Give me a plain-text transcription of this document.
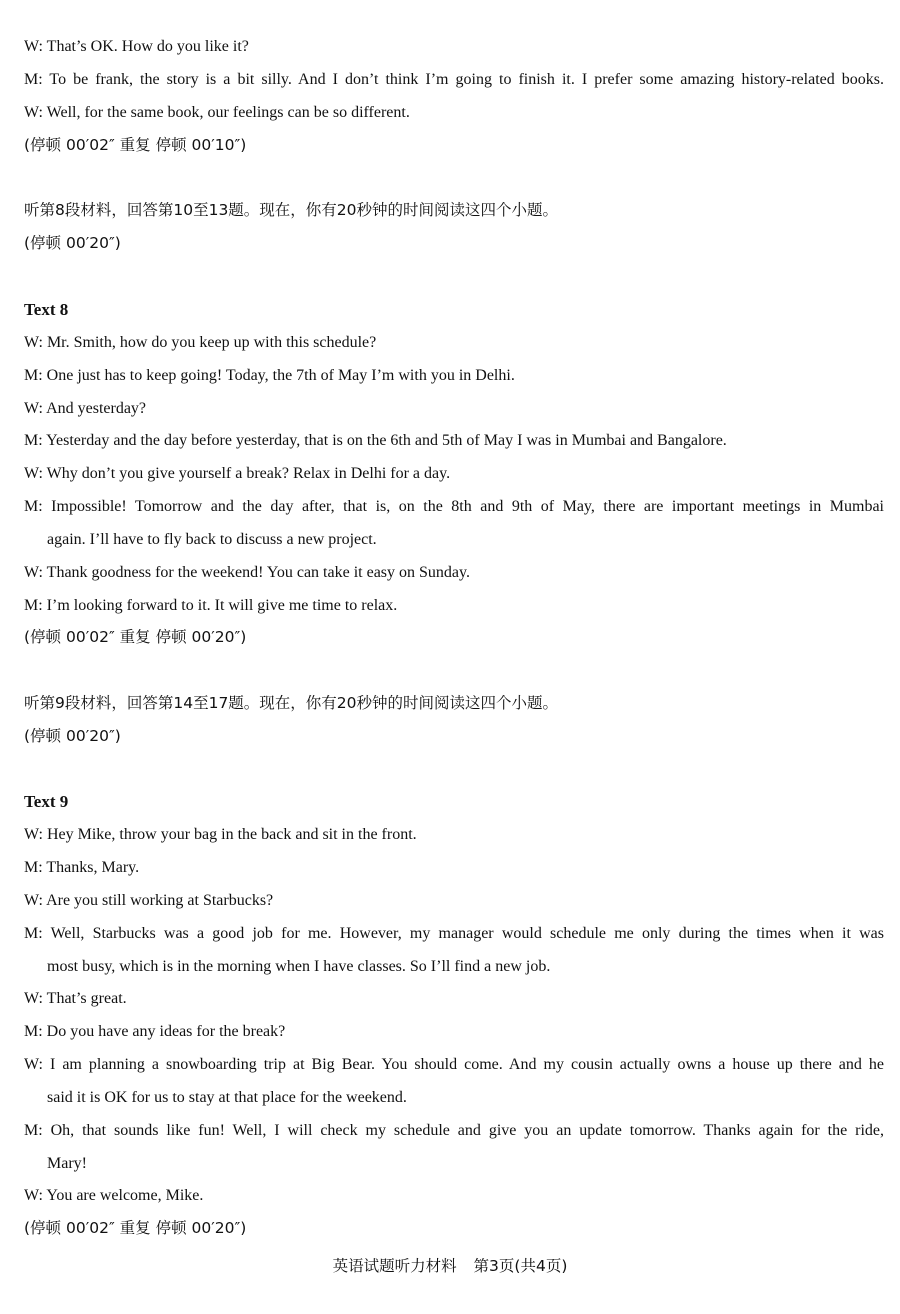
W: That’s OK. How do you like it?
M: To be frank, the story is a bit silly. And I don’t think I’m going to finish it. I prefer some amazing history-related books.
W: Well, for the same book, our feelings can be so different.
(停顿 00′02″ 重复 停顿 00′10″)
听第8段材料，回答第10至13题。现在，你有20秒钟的时间阅读这四个小题。
(停顿 00′20″)
Text 8
W: Mr. Smith, how do you keep up with this schedule?
M: One just has to keep going! Today, the 7th of May I’m with you in Delhi.
W: And yesterday?
M: Yesterday and the day before yesterday, that is on the 6th and 5th of May I was in Mumbai and Bangalore.
W: Why don’t you give yourself a break? Relax in Delhi for a day.
M: Impossible! Tomorrow and the day after, that is, on the 8th and 9th of May, there are important meetings in Mumbai
again. I’ll have to fly back to discuss a new project.
W: Thank goodness for the weekend! You can take it easy on Sunday.
M: I’m looking forward to it. It will give me time to relax.
(停顿 00′02″ 重复 停顿 00′20″)
听第9段材料，回答第14至17题。现在，你有20秒钟的时间阅读这四个小题。
(停顿 00′20″)
Text 9
W: Hey Mike, throw your bag in the back and sit in the front.
M: Thanks, Mary.
W: Are you still working at Starbucks?
M: Well, Starbucks was a good job for me. However, my manager would schedule me only during the times when it was
most busy, which is in the morning when I have classes. So I’ll find a new job.
W: That’s great.
M: Do you have any ideas for the break?
W: I am planning a snowboarding trip at Big Bear. You should come. And my cousin actually owns a house up there and he
said it is OK for us to stay at that place for the weekend.
M: Oh, that sounds like fun! Well, I will check my schedule and give you an update tomorrow. Thanks again for the ride,
Mary!
W: You are welcome, Mike.
(停顿 00′02″ 重复 停顿 00′20″)
英语试题听力材料 第3页(共4页)
